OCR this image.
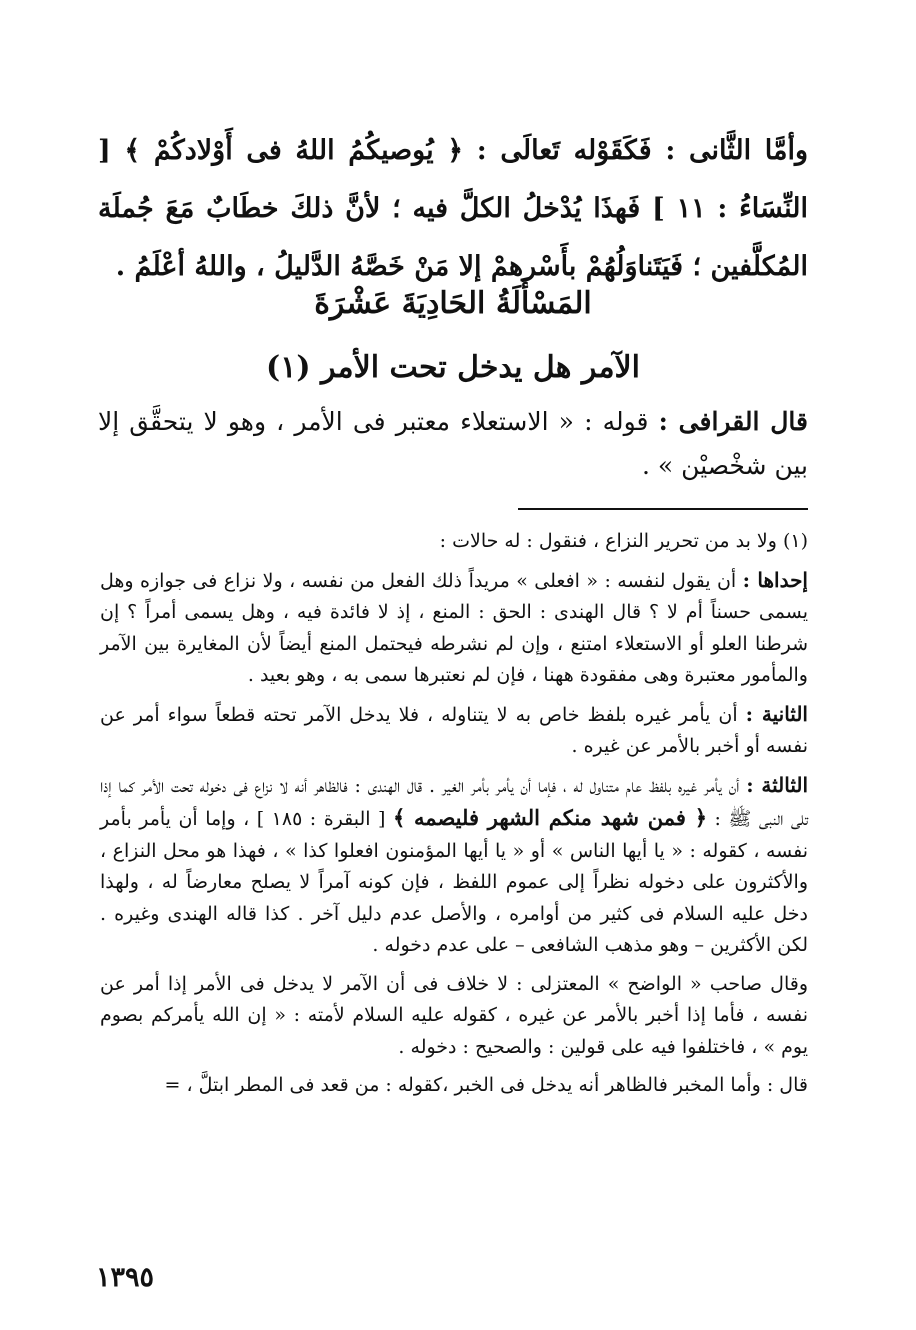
وأمَّا الثَّانى : فَكَقَوْله تَعالَى : ﴿ يُوصيكُمُ اللهُ فى أَوْلادكُمْ ﴾ [ النِّسَاءُ : ١١ ] فَهذَا يُدْخلُ الكلَّ فيه ؛ لأنَّ ذلكَ خطَابٌ مَعَ جُملَة المُكلَّفين ؛ فَيَتَناوَلُهُمْ بأَسْرهمْ إلا مَنْ خَصَّهُ الدَّليلُ ، واللهُ أعْلَمُ .

المَسْأَلَةُ الحَادِيَةَ عَشْرَةَ
الآمر هل يدخل تحت الأمر (١)

قال القرافى : قوله : « الاستعلاء معتبر فى الأمر ، وهو لا يتحقَّق إلا بين شخْصيْن » .

(١) ولا بد من تحرير النزاع ، فنقول : له حالات :

إحداها : أن يقول لنفسه : « افعلى » مريداً ذلك الفعل من نفسه ، ولا نزاع فى جوازه وهل يسمى حسناً أم لا ؟ قال الهندى : الحق : المنع ، إذ لا فائدة فيه ، وهل يسمى أمراً ؟ إن شرطنا العلو أو الاستعلاء امتنع ، وإن لم نشرطه فيحتمل المنع أيضاً لأن المغايرة بين الآمر والمأمور معتبرة وهى مفقودة ههنا ، فإن لم نعتبرها سمى به ، وهو بعيد .

الثانية : أن يأمر غيره بلفظ خاص به لا يتناوله ، فلا يدخل الآمر تحته قطعاً سواء أمر عن نفسه أو أخبر بالأمر عن غيره .

الثالثة : أن يأمر غيره بلفظ عام متناول له ، فإما أن يأمر بأمر الغير . قال الهندى : فالظاهر أنه لا نزاع فى دخوله تحت الأمر كما إذا تلى النبى ﷺ : ﴿ فمن شهد منكم الشهر فليصمه ﴾ [ البقرة : ١٨٥ ] ، وإما أن يأمر بأمر نفسه ، كقوله : « يا أيها الناس » أو « يا أيها المؤمنون افعلوا كذا » ، فهذا هو محل النزاع ، والأكثرون على دخوله نظراً إلى عموم اللفظ ، فإن كونه آمراً لا يصلح معارضاً له ، ولهذا دخل عليه السلام فى كثير من أوامره ، والأصل عدم دليل آخر . كذا قاله الهندى وغيره . لكن الأكثرين – وهو مذهب الشافعى – على عدم دخوله .

وقال صاحب « الواضح » المعتزلى : لا خلاف فى أن الآمر لا يدخل فى الأمر إذا أمر عن نفسه ، فأما إذا أخبر بالأمر عن غيره ، كقوله عليه السلام لأمته : « إن الله يأمركم بصوم يوم » ، فاختلفوا فيه على قولين : والصحيح : دخوله .

قال : وأما المخبر فالظاهر أنه يدخل فى الخبر ،كقوله : من قعد فى المطر ابتلَّ ، =

١٣٩٥
